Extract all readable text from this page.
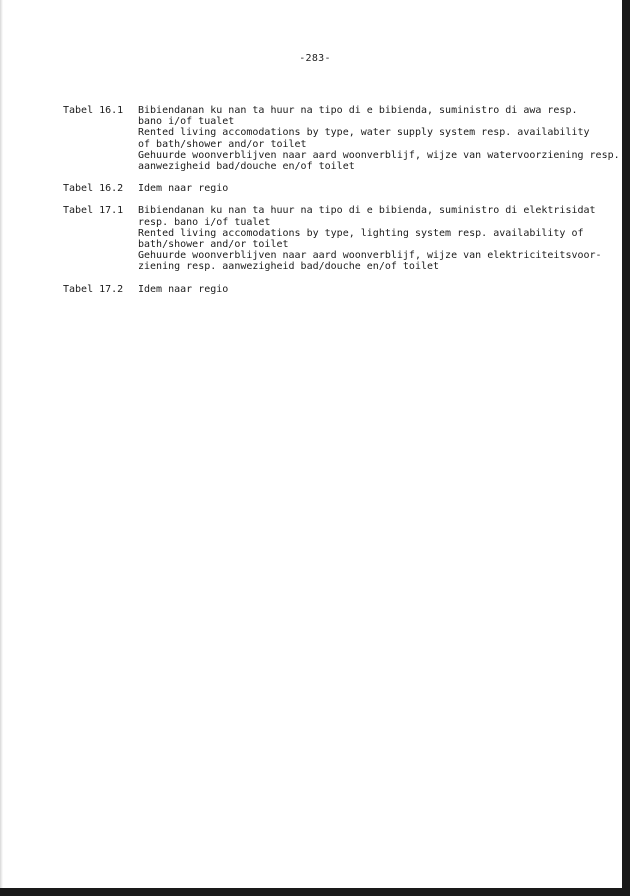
-283-
Tabel 16.1	Bibiendanan ku nan ta huur na tipo di e bibienda, suministro di awa resp.
bano i/of tualet
Rented living accomodations by type, water supply system resp. availability
of bath/shower and/or toilet
Gehuurde woonverblijven naar aard woonverblijf, wijze van watervoorziening resp..
aanwezigheid bad/douche en/of toilet
Tabel 16.2	Idem naar regio
Tabel 17.1	Bibiendanan ku nan ta huur na tipo di e bibienda, suministro di elektrisidat
resp. bano i/of tualet
Rented living accomodations by type, lighting system resp. availability of
bath/shower and/or toilet
Gehuurde woonverblijven naar aard woonverblijf, wijze van elektriciteitsvoor-
ziening resp. aanwezigheid bad/douche en/of toilet
Tabel 17.2	Idem naar regio
